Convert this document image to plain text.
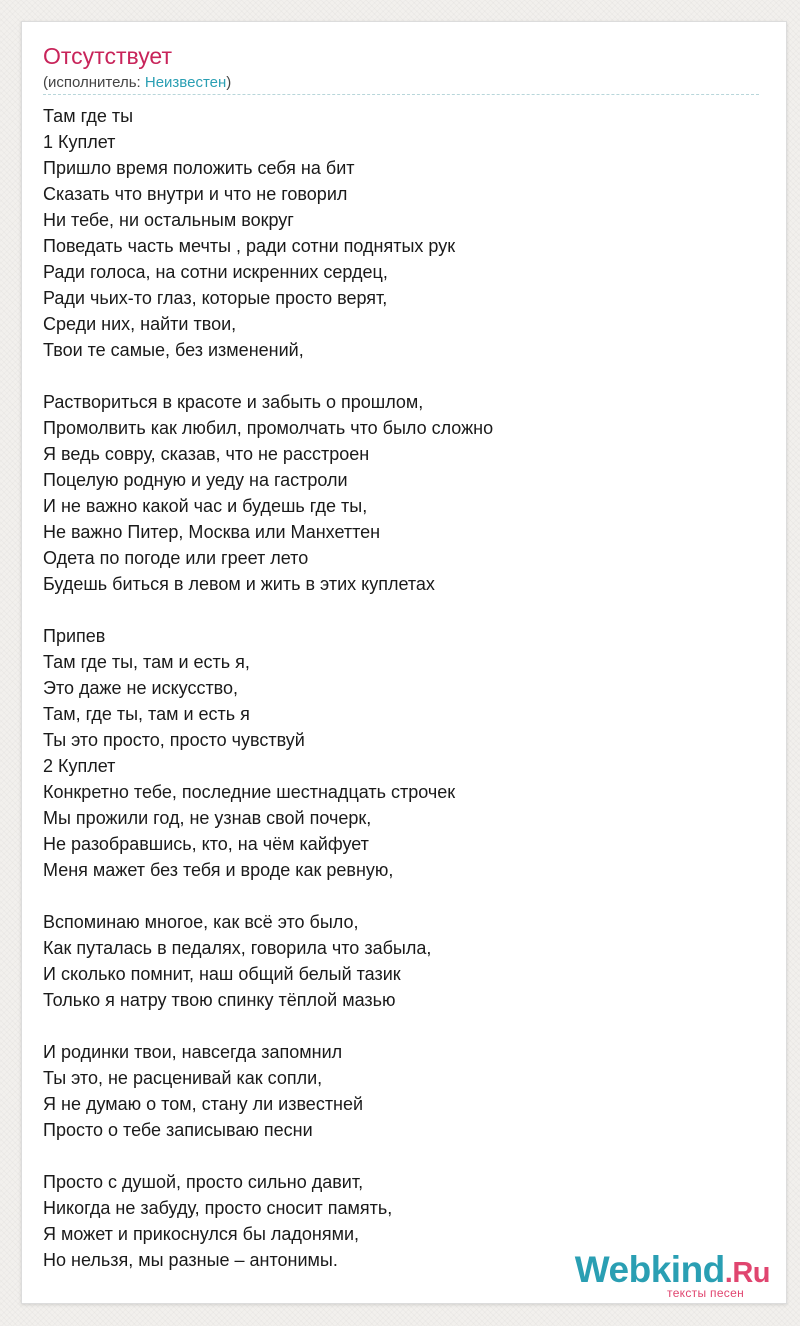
Отсутствует
(исполнитель: Неизвестен)
Там где ты
1 Куплет
Пришло время положить себя на бит
Сказать что внутри и что не говорил
Ни тебе, ни остальным вокруг
Поведать часть мечты , ради сотни поднятых рук
Ради голоса, на сотни искренних сердец,
Ради чьих-то глаз, которые просто верят,
Среди них, найти твои,
Твои те самые, без изменений,
Раствориться в красоте и забыть о прошлом,
Промолвить как любил, промолчать что было сложно
Я ведь совру, сказав, что не расстроен
Поцелую родную и уеду на гастроли
И не важно какой час и будешь где ты,
Не важно Питер, Москва или Манхеттен
Одета по погоде или греет лето
Будешь биться в левом и жить в этих куплетах
Припев
Там где ты, там и есть я,
Это даже не искусство,
Там, где ты, там и есть я
Ты это просто, просто чувствуй
2 Куплет
Конкретно тебе, последние шестнадцать строчек
Мы прожили год, не узнав свой почерк,
Не разобравшись, кто, на чём кайфует
Меня мажет без тебя и вроде как ревную,
Вспоминаю многое, как всё это было,
Как путалась в педалях, говорила что забыла,
И сколько помнит, наш общий белый тазик
Только я натру твою спинку тёплой мазью
И родинки твои, навсегда запомнил
Ты это, не расценивай как сопли,
Я не думаю о том, стану ли известней
Просто о тебе записываю песни
Просто с душой, просто сильно давит,
Никогда не забуду, просто сносит память,
Я может и прикоснулся бы ладонями,
Но нельзя, мы разные – антонимы.	Webkind.Ru
тексты песен
